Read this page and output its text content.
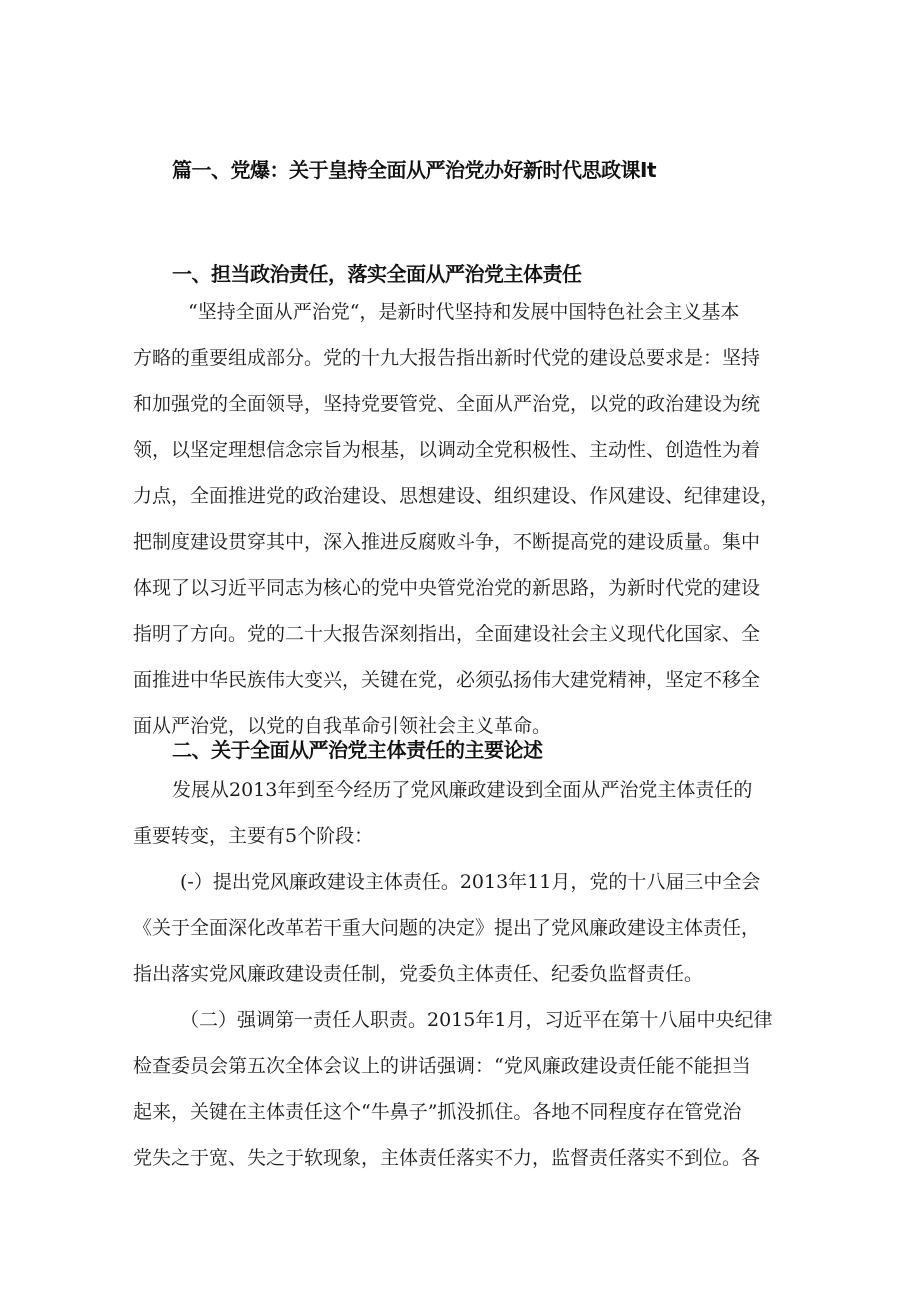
篇一、党爆：关于皇持全面从严治党办好新时代思政课It
一、担当政治责任，落实全面从严治党主体责任

“坚持全面从严治党“，是新时代坚持和发展中国特色社会主义基本

方略的重要组成部分。党的十九大报告指出新时代党的建设总要求是：坚持

和加强党的全面领导，坚持党要管党、全面从严治党，以党的政治建设为统

领，以坚定理想信念宗旨为根基，以调动全党积极性、主动性、创造性为着

力点，全面推进党的政治建设、思想建设、组织建设、作风建设、纪律建设，

把制度建设贯穿其中，深入推进反腐败斗争，不断提高党的建设质量。集中

体现了以习近平同志为核心的党中央管党治党的新思路，为新时代党的建设

指明了方向。党的二十大报告深刻指出，全面建设社会主义现代化国家、全

面推进中华民族伟大变兴，关键在党，必须弘扬伟大建党精神，坚定不移全

面从严治党，以党的自我革命引领社会主义革命。

二、关于全面从严治党主体责任的主要论述

发展从2013年到至今经历了党风廉政建设到全面从严治党主体责任的

重要转变，主要有5个阶段：

(-）提出党风廉政建设主体责任。2013年11月，党的十八届三中全会

《关于全面深化改革若干重大问题的决定》提出了党风廉政建设主体责任，

指出落实党风廉政建设责任制，党委负主体责任、纪委负监督责任。

（二）强调第一责任人职责。2015年1月，习近平在第十八届中央纪律

检查委员会第五次全体会议上的讲话强调：“党风廉政建设责任能不能担当

起来，关键在主体责任这个“牛鼻子”抓没抓住。各地不同程度存在管党治

党失之于宽、失之于软现象，主体责任落实不力，监督责任落实不到位。各
